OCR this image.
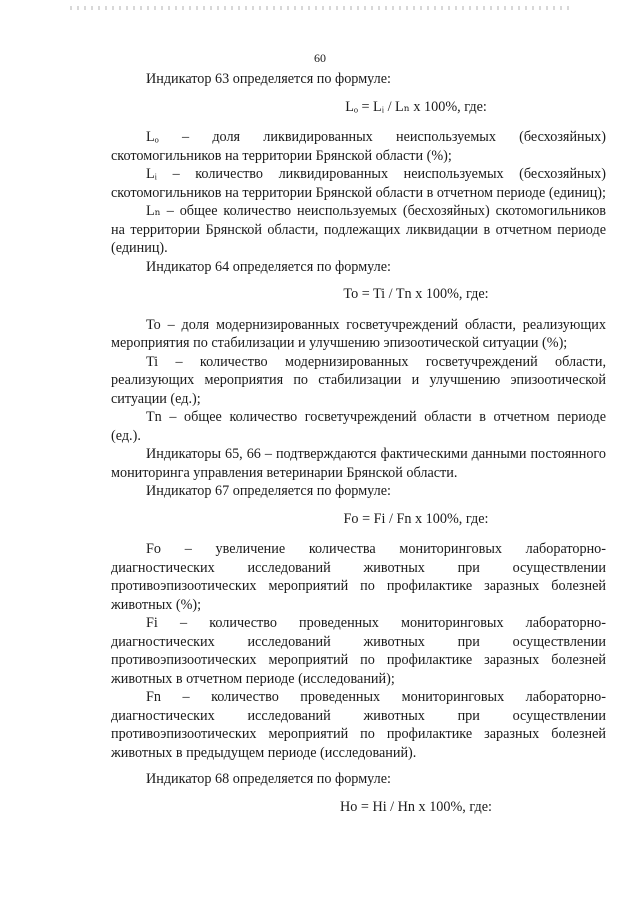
60

Индикатор 63 определяется по формуле:

Lₒ = Lᵢ / Lₙ х 100%, где:

Lₒ – доля ликвидированных неиспользуемых (бесхозяйных) скотомогильников на территории Брянской области (%);

Lᵢ – количество ликвидированных неиспользуемых (бесхозяйных) скотомогильников на территории Брянской области в отчетном периоде (единиц);

Lₙ – общее количество неиспользуемых (бесхозяйных) скотомогильников на территории Брянской области, подлежащих ликвидации в отчетном периоде (единиц).

Индикатор 64 определяется по формуле:

To = Ti / Tn х 100%, где:

To – доля модернизированных госветучреждений области, реализующих мероприятия по стабилизации и улучшению эпизоотической ситуации (%);

Ti – количество модернизированных госветучреждений области, реализующих мероприятия по стабилизации и улучшению эпизоотической ситуации (ед.);

Tn – общее количество госветучреждений области в отчетном периоде (ед.).

Индикаторы 65, 66 – подтверждаются фактическими данными постоянного мониторинга управления ветеринарии Брянской области.

Индикатор 67 определяется по формуле:

Fo = Fi / Fn х 100%, где:

Fo – увеличение количества мониторинговых лабораторно-диагностических исследований животных при осуществлении противоэпизоотических мероприятий по профилактике заразных болезней животных (%);

Fi – количество проведенных мониторинговых лабораторно-диагностических исследований животных при осуществлении противоэпизоотических мероприятий по профилактике заразных болезней животных в отчетном периоде (исследований);

Fn – количество проведенных мониторинговых лабораторно-диагностических исследований животных при осуществлении противоэпизоотических мероприятий по профилактике заразных болезней животных в предыдущем периоде (исследований).

Индикатор 68 определяется по формуле:

Ho = Hi / Hn х 100%, где:
